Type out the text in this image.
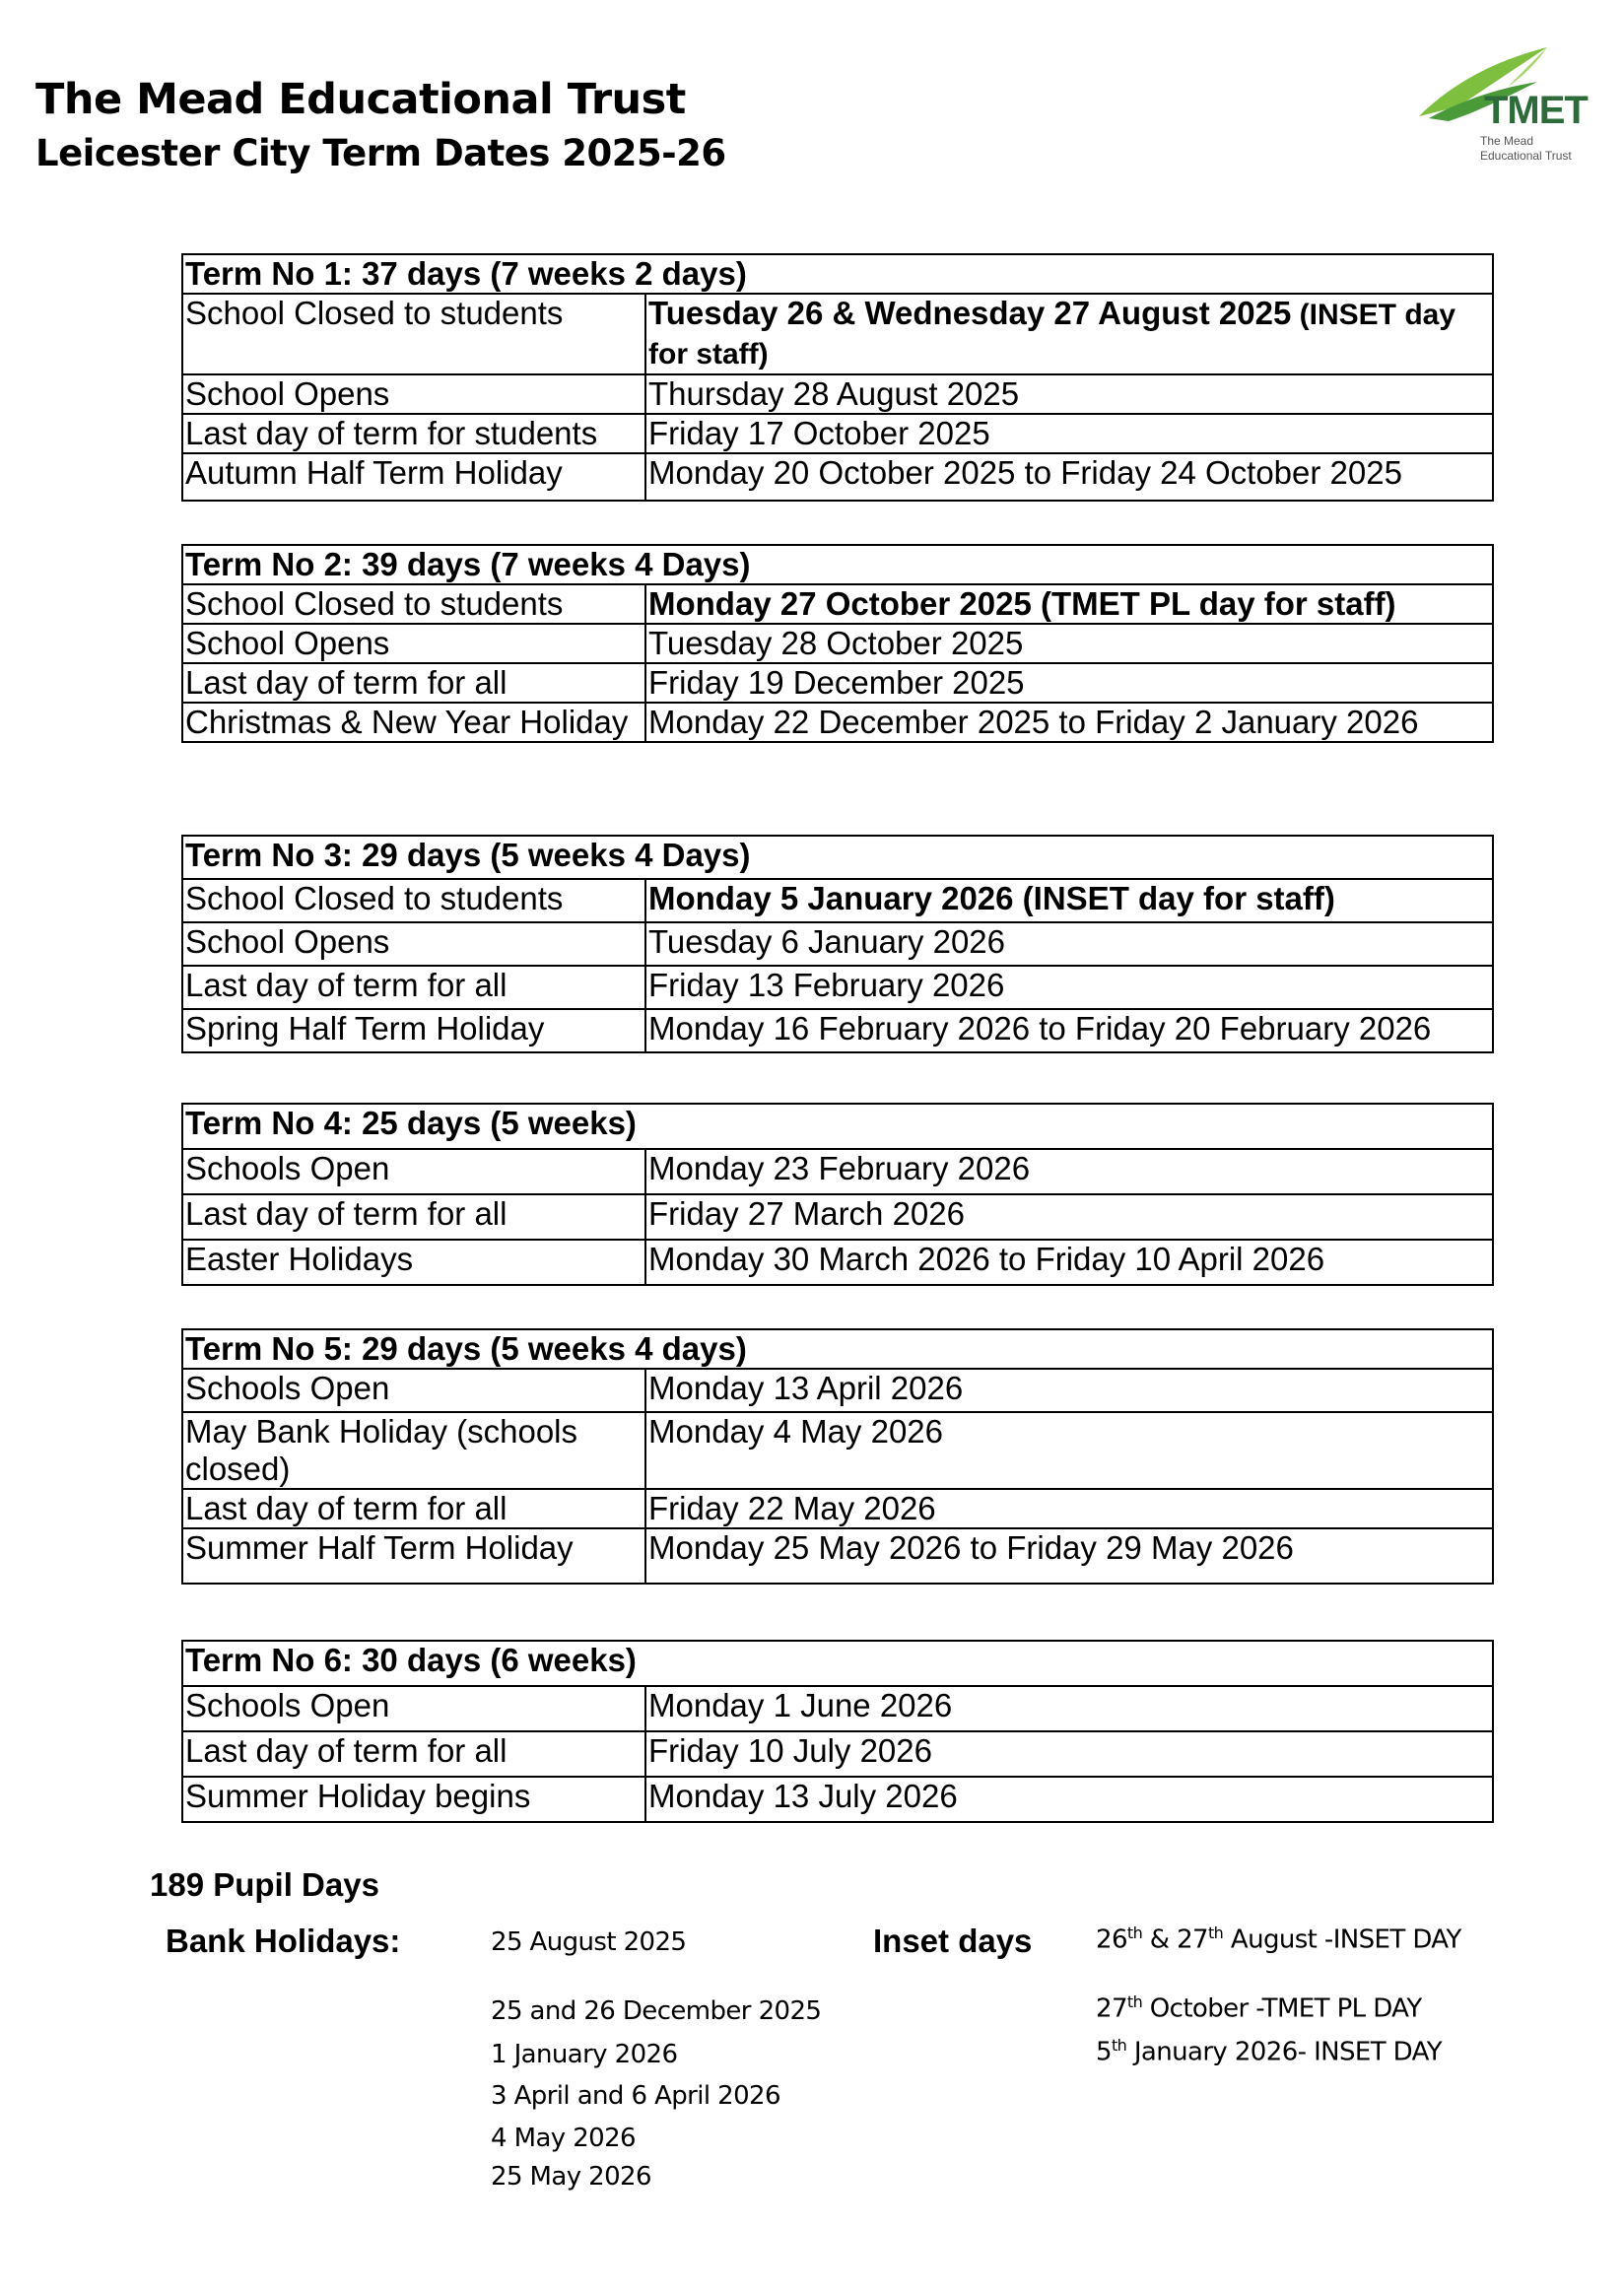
The Mead Educational Trust
Leicester City Term Dates 2025-26
TMET
The Mead
Educational Trust
Term No 1: 37 days (7 weeks 2 days)	
School Closed to students	Tuesday 26 & Wednesday 27 August 2025 (INSET day for staff)
School Opens	Thursday 28 August 2025
Last day of term for students	Friday 17 October 2025
Autumn Half Term Holiday	Monday 20 October 2025 to Friday 24 October 2025
Term No 2: 39 days (7 weeks 4 Days)	
School Closed to students	Monday 27 October 2025 (TMET PL day for staff)
School Opens	Tuesday 28 October 2025
Last day of term for all	Friday 19 December 2025
Christmas & New Year Holiday	Monday 22 December 2025 to Friday 2 January 2026
Term No 3: 29 days (5 weeks 4 Days)	
School Closed to students	Monday 5 January 2026 (INSET day for staff)
School Opens	Tuesday 6 January 2026
Last day of term for all	Friday 13 February 2026
Spring Half Term Holiday	Monday 16 February 2026 to Friday 20 February 2026
Term No 4: 25 days (5 weeks)	
Schools Open	Monday 23 February 2026
Last day of term for all	Friday 27 March 2026
Easter Holidays	Monday 30 March 2026 to Friday 10 April 2026
Term No 5: 29 days (5 weeks 4 days)	
Schools Open	Monday 13 April 2026
May Bank Holiday (schools closed)	Monday 4 May 2026
Last day of term for all	Friday 22 May 2026
Summer Half Term Holiday	Monday 25 May 2026 to Friday 29 May 2026
Term No 6: 30 days (6 weeks)	
Schools Open	Monday 1 June 2026
Last day of term for all	Friday 10 July 2026
Summer Holiday begins	Monday 13 July 2026
189 Pupil Days
Bank Holidays:	Inset days
25 August 2025
25 and 26 December 2025
1 January 2026
3 April and 6 April 2026
4 May 2026
25 May 2026
26th & 27th August -INSET DAY
27th October -TMET PL DAY
5th January 2026- INSET DAY
